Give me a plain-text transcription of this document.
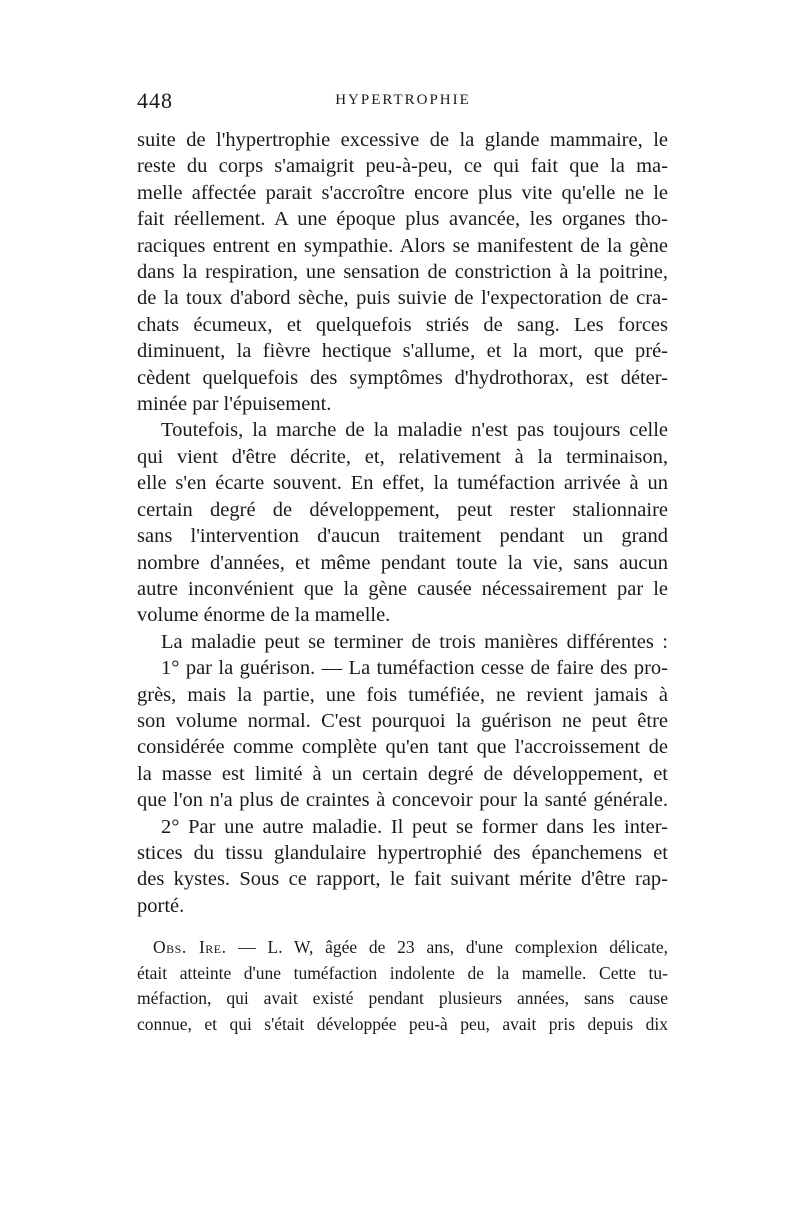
448	HYPERTROPHIE
suite de l'hypertrophie excessive de la glande mammaire, le
reste du corps s'amaigrit peu-à-peu, ce qui fait que la ma-
melle affectée parait s'accroître encore plus vite qu'elle ne le
fait réellement. A une époque plus avancée, les organes tho-
raciques entrent en sympathie. Alors se manifestent de la gène
dans la respiration, une sensation de constriction à la poitrine,
de la toux d'abord sèche, puis suivie de l'expectoration de cra-
chats écumeux, et quelquefois striés de sang. Les forces
diminuent, la fièvre hectique s'allume, et la mort, que pré-
cèdent quelquefois des symptômes d'hydrothorax, est déter-
minée par l'épuisement.
Toutefois, la marche de la maladie n'est pas toujours celle
qui vient d'être décrite, et, relativement à la terminaison,
elle s'en écarte souvent. En effet, la tuméfaction arrivée à un
certain degré de développement, peut rester stalionnaire
sans l'intervention d'aucun traitement pendant un grand
nombre d'années, et même pendant toute la vie, sans aucun
autre inconvénient que la gène causée nécessairement par le
volume énorme de la mamelle.
La maladie peut se terminer de trois manières différentes :
1° par la guérison. — La tuméfaction cesse de faire des pro-
grès, mais la partie, une fois tuméfiée, ne revient jamais à
son volume normal. C'est pourquoi la guérison ne peut être
considérée comme complète qu'en tant que l'accroissement de
la masse est limité à un certain degré de développement, et
que l'on n'a plus de craintes à concevoir pour la santé générale.
2° Par une autre maladie. Il peut se former dans les inter-
stices du tissu glandulaire hypertrophié des épanchemens et
des kystes. Sous ce rapport, le fait suivant mérite d'être rap-
porté.
Obs. Ire. — L. W, âgée de 23 ans, d'une complexion délicate,
était atteinte d'une tuméfaction indolente de la mamelle. Cette tu-
méfaction, qui avait existé pendant plusieurs années, sans cause
connue, et qui s'était développée peu-à peu, avait pris depuis dix
